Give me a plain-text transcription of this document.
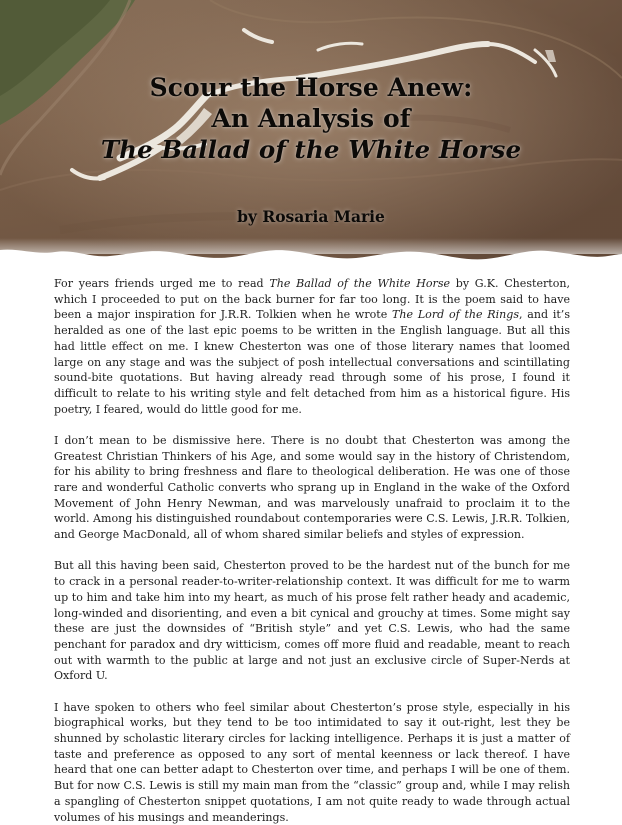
Scour the Horse Anew:
An Analysis of
The Ballad of the White Horse
by Rosaria Marie

For years friends urged me to read The Ballad of the White Horse by G.K. Chesterton, which I proceeded to put on the back burner for far too long. It is the poem said to have been a major inspiration for J.R.R. Tolkien when he wrote The Lord of the Rings, and it’s heralded as one of the last epic poems to be written in the English language. But all this had little effect on me. I knew Chesterton was one of those literary names that loomed large on any stage and was the subject of posh intellectual conversations and scintillating sound-bite quotations. But having already read through some of his prose, I found it difficult to relate to his writing style and felt detached from him as a historical figure. His poetry, I feared, would do little good for me.

I don’t mean to be dismissive here. There is no doubt that Chesterton was among the Greatest Christian Thinkers of his Age, and some would say in the history of Christendom, for his ability to bring freshness and flare to theological deliberation. He was one of those rare and wonderful Catholic converts who sprang up in England in the wake of the Oxford Movement of John Henry Newman, and was marvelously unafraid to proclaim it to the world. Among his distinguished roundabout contemporaries were C.S. Lewis, J.R.R. Tolkien, and George MacDonald, all of whom shared similar beliefs and styles of expression.

But all this having been said, Chesterton proved to be the hardest nut of the bunch for me to crack in a personal reader-to-writer-relationship context. It was difficult for me to warm up to him and take him into my heart, as much of his prose felt rather heady and academic, long-winded and disorienting, and even a bit cynical and grouchy at times. Some might say these are just the downsides of “British style” and yet C.S. Lewis, who had the same penchant for paradox and dry witticism, comes off more fluid and readable, meant to reach out with warmth to the public at large and not just an exclusive circle of Super-Nerds at Oxford U.

I have spoken to others who feel similar about Chesterton’s prose style, especially in his biographical works, but they tend to be too intimidated to say it out-right, lest they be shunned by scholastic literary circles for lacking intelligence. Perhaps it is just a matter of taste and preference as opposed to any sort of mental keenness or lack thereof. I have heard that one can better adapt to Chesterton over time, and perhaps I will be one of them. But for now C.S. Lewis is still my main man from the “classic” group and, while I may relish a spangling of Chesterton snippet quotations, I am not quite ready to wade through actual volumes of his musings and meanderings.
